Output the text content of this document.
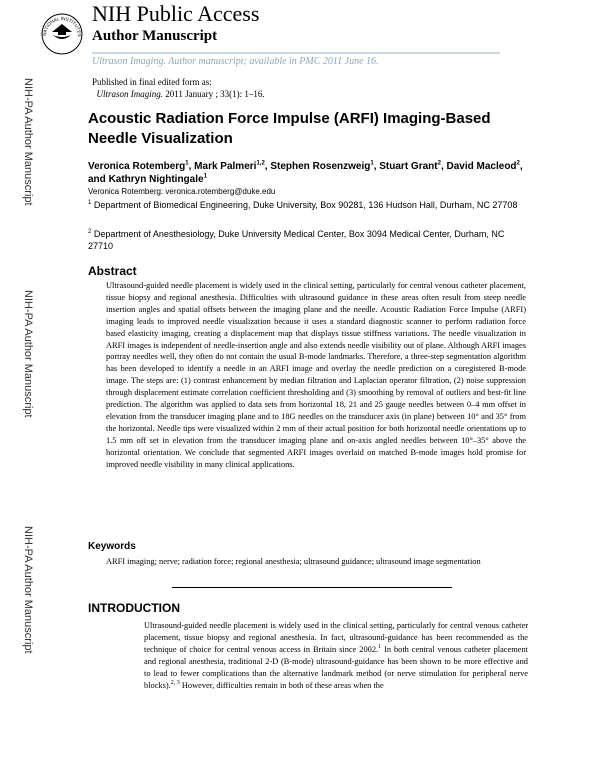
NIH-PA Author Manuscript
NIH-PA Author Manuscript
NIH-PA Author Manuscript
NATIONAL INSTITUTES
NIH Public Access
Author Manuscript
Ultrason Imaging. Author manuscript; available in PMC 2011 June 16.
Published in final edited form as:
Ultrason Imaging. 2011 January ; 33(1): 1–16.
Acoustic Radiation Force Impulse (ARFI) Imaging-Based Needle Visualization
Veronica Rotemberg$^1$, Mark Palmeri$^{1,2}$, Stephen Rosenzweig$^1$, Stuart Grant$^2$, David Macleod$^2$, and Kathryn Nightingale$^1$
Veronica Rotemberg: veronica.rotemberg@duke.edu
$^1$ Department of Biomedical Engineering, Duke University, Box 90281, 136 Hudson Hall, Durham, NC 27708
$^2$ Department of Anesthesiology, Duke University Medical Center, Box 3094 Medical Center, Durham, NC 27710
Abstract
Ultrasound-guided needle placement is widely used in the clinical setting, particularly for central venous catheter placement, tissue biopsy and regional anesthesia. Difficulties with ultrasound guidance in these areas often result from steep needle insertion angles and spatial offsets between the imaging plane and the needle. Acoustic Radiation Force Impulse (ARFI) imaging leads to improved needle visualization because it uses a standard diagnostic scanner to perform radiation force based elasticity imaging, creating a displacement map that displays tissue stiffness variations. The needle visualization in ARFI images is independent of needle-insertion angle and also extends needle visibility out of plane. Although ARFI images portray needles well, they often do not contain the usual B-mode landmarks. Therefore, a three-step segmentation algorithm has been developed to identify a needle in an ARFI image and overlay the needle prediction on a coregistered B-mode image. The steps are: (1) contrast enhancement by median filtration and Laplacian operator filtration, (2) noise suppression through displacement estimate correlation coefficient thresholding and (3) smoothing by removal of outliers and best-fit line prediction. The algorithm was applied to data sets from horizontal 18, 21 and 25 gauge needles between 0–4 mm offset in elevation from the transducer imaging plane and to 18G needles on the transducer axis (in plane) between 10° and 35° from the horizontal. Needle tips were visualized within 2 mm of their actual position for both horizontal needle orientations up to 1.5 mm off set in elevation from the transducer imaging plane and on-axis angled needles between 10°–35° above the horizontal orientation. We conclude that segmented ARFI images overlaid on matched B-mode images hold promise for improved needle visibility in many clinical applications.
Keywords
ARFI imaging; nerve; radiation force; regional anesthesia; ultrasound guidance; ultrasound image segmentation
INTRODUCTION
Ultrasound-guided needle placement is widely used in the clinical setting, particularly for central venous catheter placement, tissue biopsy and regional anesthesia. In fact, ultrasound-guidance has been recommended as the technique of choice for central venous access in Britain since 2002.$^1$ In both central venous catheter placement and regional anesthesia, traditional 2-D (B-mode) ultrasound-guidance has been shown to be more effective and to lead to fewer complications than the alternative landmark method (or nerve stimulation for peripheral nerve blocks).$^{2, 3}$ However, difficulties remain in both of these areas when the
